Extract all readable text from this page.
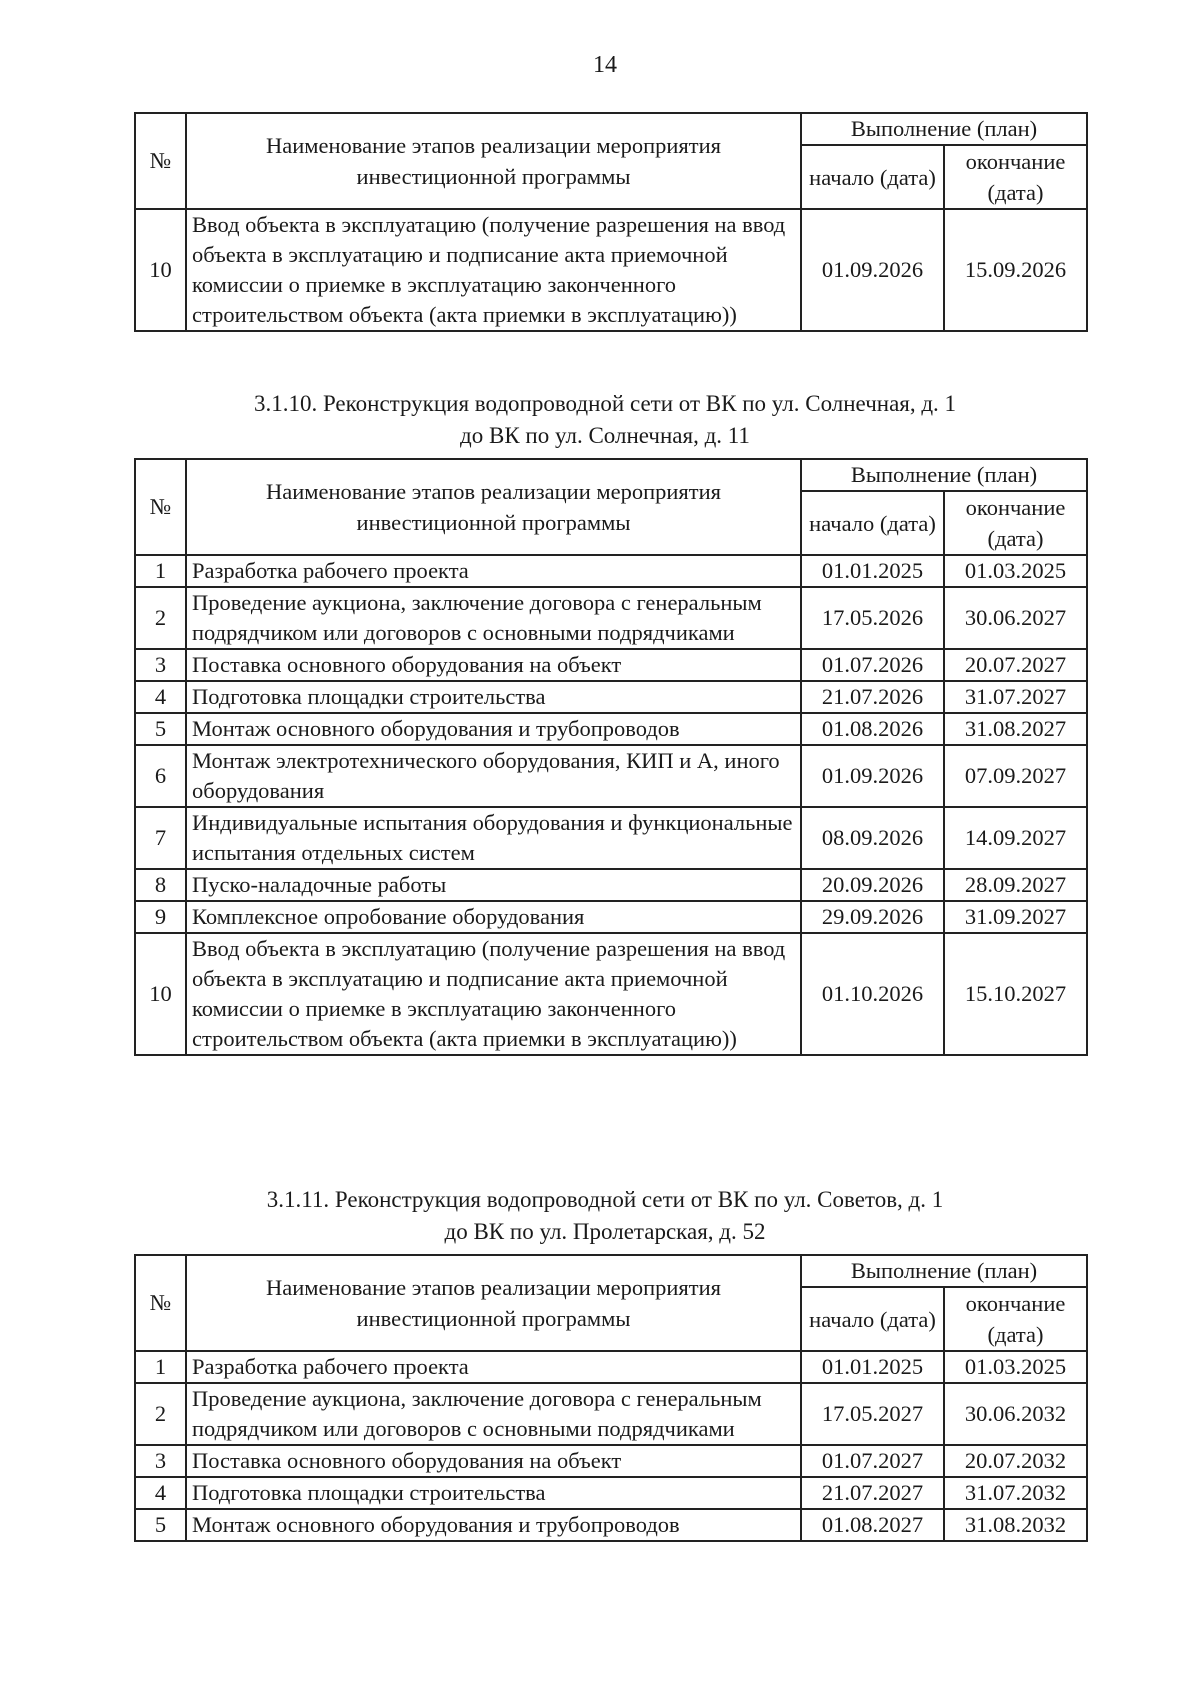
14
№	Наименование этапов реализации мероприятия инвестиционной программы	Выполнение (план)	
		начало (дата)	окончание (дата)
10	Ввод объекта в эксплуатацию (получение разрешения на ввод объекта в эксплуатацию и подписание акта приемочной комиссии о приемке в эксплуатацию законченного строительством объекта (акта приемки в эксплуатацию))	01.09.2026	15.09.2026
3.1.10. Реконструкция водопроводной сети от ВК по ул. Солнечная, д. 1
до ВК по ул. Солнечная, д. 11
№	Наименование этапов реализации мероприятия инвестиционной программы	Выполнение (план)	
		начало (дата)	окончание (дата)
1	Разработка рабочего проекта	01.01.2025	01.03.2025
2	Проведение аукциона, заключение договора с генеральным подрядчиком или договоров с основными подрядчиками	17.05.2026	30.06.2027
3	Поставка основного оборудования на объект	01.07.2026	20.07.2027
4	Подготовка площадки строительства	21.07.2026	31.07.2027
5	Монтаж основного оборудования и трубопроводов	01.08.2026	31.08.2027
6	Монтаж электротехнического оборудования, КИП и А, иного оборудования	01.09.2026	07.09.2027
7	Индивидуальные испытания оборудования и функциональные испытания отдельных систем	08.09.2026	14.09.2027
8	Пуско-наладочные работы	20.09.2026	28.09.2027
9	Комплексное опробование оборудования	29.09.2026	31.09.2027
10	Ввод объекта в эксплуатацию (получение разрешения на ввод объекта в эксплуатацию и подписание акта приемочной комиссии о приемке в эксплуатацию законченного строительством объекта (акта приемки в эксплуатацию))	01.10.2026	15.10.2027
3.1.11. Реконструкция водопроводной сети от ВК по ул. Советов, д. 1
до ВК по ул. Пролетарская, д. 52
№	Наименование этапов реализации мероприятия инвестиционной программы	Выполнение (план)	
		начало (дата)	окончание (дата)
1	Разработка рабочего проекта	01.01.2025	01.03.2025
2	Проведение аукциона, заключение договора с генеральным подрядчиком или договоров с основными подрядчиками	17.05.2027	30.06.2032
3	Поставка основного оборудования на объект	01.07.2027	20.07.2032
4	Подготовка площадки строительства	21.07.2027	31.07.2032
5	Монтаж основного оборудования и трубопроводов	01.08.2027	31.08.2032
